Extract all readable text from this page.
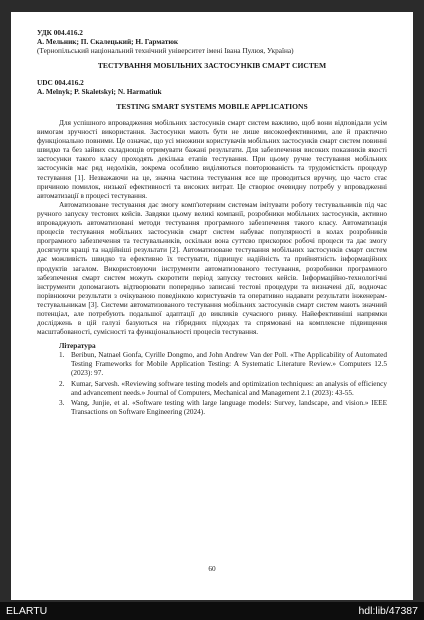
УДК 004.416.2
А. Мельник; П. Скалецький; Н. Гарматюк
(Тернопільський національний технічний університет імені Івана Пулюя, Україна)
ТЕСТУВАННЯ МОБІЛЬНИХ ЗАСТОСУНКІВ СМАРТ СИСТЕМ
UDC 004.416.2
A. Melnyk; P. Skaletskyi; N. Harmatiuk
TESTING SMART SYSTEMS MOBILE APPLICATIONS

Для успішного впровадження мобільних застосунків смарт систем важливо, щоб вони відповідали усім вимогам зручності використання. Застосунки мають бути не лише високоефективними, але й практично функціонально повними. Це означає, що усі множини користувачів мобільних застосунків смарт систем повинні швидко та без зайвих складнощів отримувати бажані результати. Для забезпечення високих показників якості застосунки такого класу проходять декілька етапів тестування. При цьому ручне тестування мобільних застосунків має ряд недоліків, зокрема особливо виділяються повторюваність та трудомісткість процедур тестування [1]. Незважаючи на це, значна частина тестування все ще проводиться вручну, що часто стає причиною помилок, низької ефективності та високих витрат. Це створює очевидну потребу у впровадженні автоматизації в процесі тестування.

Автоматизоване тестування дає змогу комп'ютерним системам імітувати роботу тестувальників під час ручного запуску тестових кейсів. Завдяки цьому великі компанії, розробники мобільних застосунків, активно впроваджують автоматизовані методи тестування програмного забезпечення такого класу. Автоматизація процесів тестування мобільних застосунків смарт систем набуває популярності в колах розробників програмного забезпечення та тестувальників, оскільки вона суттєво прискорює робочі процеси та дає змогу досягнути кращі та надійніші результати [2]. Автоматизоване тестування мобільних застосунків смарт систем дає можливість швидко та ефективно їх тестувати, підвищує надійність та прийнятність інформаційних продуктів загалом. Використовуючи інструменти автоматизованого тестування, розробники програмного забезпечення смарт систем можуть скоротити період запуску тестових кейсів. Інформаційно-технологічні інструменти допомагають відтворювати попередньо записані тестові процедури та визначені дії, водночас порівнюючи результати з очікуваною поведінкою користувачів та оперативно надавати результати інженерам-тестувальникам [3]. Системи автоматизованого тестування мобільних застосунків смарт систем мають значний потенціал, але потребують подальшої адаптації до викликів сучасного ринку. Найефективніші напрямки досліджень в цій галузі базуються на гібридних підходах та спрямовані на комплексне підвищення масштабованості, сумісності та функціональності процесів тестування.

Література
1. Beribun, Natnael Gonfa, Cyrille Dongmo, and John Andrew Van der Poll. «The Applicability of Automated Testing Frameworks for Mobile Application Testing: A Systematic Literature Review.» Computers 12.5 (2023): 97.
2. Kumar, Sarvesh. «Reviewing software testing models and optimization techniques: an analysis of efficiency and advancement needs.» Journal of Computers, Mechanical and Management 2.1 (2023): 43-55.
3. Wang, Junjie, et al. «Software testing with large language models: Survey, landscape, and vision.» IEEE Transactions on Software Engineering (2024).
60
ELARTU	hdl:lib/47387
